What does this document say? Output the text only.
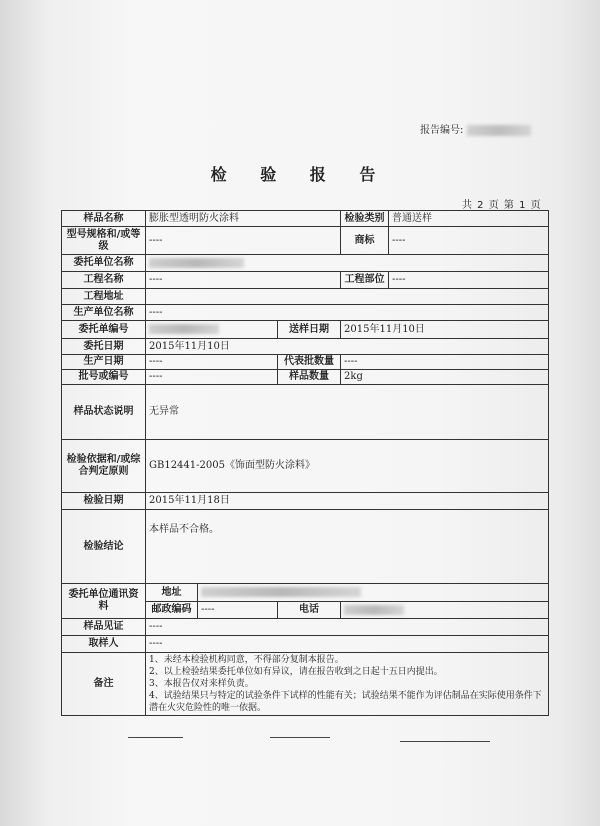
报告编号:
检 验 报 告
共 2 页 第 1 页
样品名称	膨胀型透明防火涂料			检验类别	普通送样
型号规格和/或等级	----			商标	----
委托单位名称					
工程名称	----			工程部位	----
工程地址					
生产单位名称	----				
委托单编号			送样日期	2015年11月10日	
委托日期	2015年11月10日				
生产日期	----		代表批数量	----	
批号或编号	----		样品数量	2kg	
样品状态说明	无异常				
检验依据和/或综合判定原则	GB12441-2005《饰面型防火涂料》				
检验日期	2015年11月18日				
检验结论	本样品不合格。				
委托单位通讯资料	地址				
	邮政编码	----	电话		
样品见证	----				
取样人	----				
备注	1、未经本检验机构同意，不得部分复制本报告。
2、以上检验结果委托单位如有异议，请在报告收到之日起十五日内提出。
3、本报告仅对来样负责。
4、试验结果只与特定的试验条件下试样的性能有关；试验结果不能作为评估制品在实际使用条件下潜在火灾危险性的唯一依据。				
